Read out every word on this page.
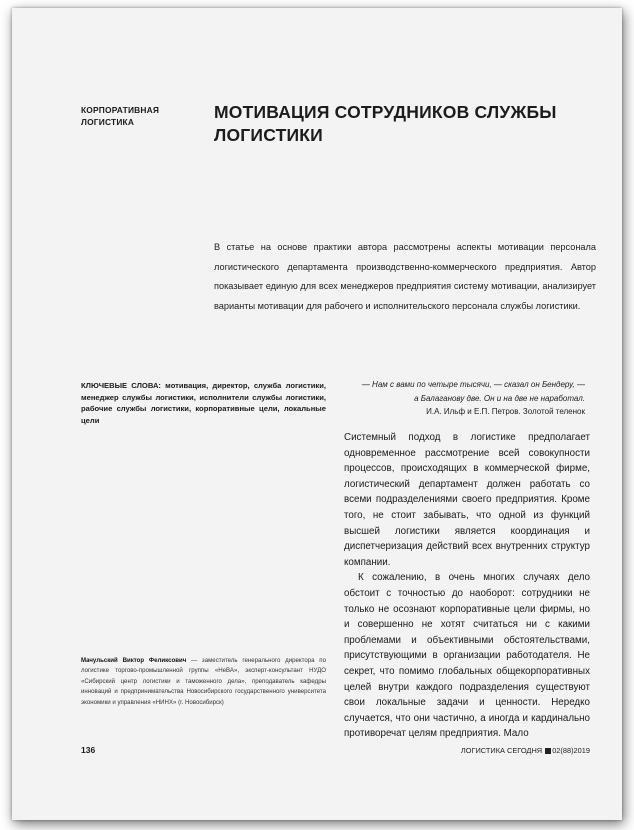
КОРПОРАТИВНАЯ
ЛОГИСТИКА	МОТИВАЦИЯ СОТРУДНИКОВ СЛУЖБЫ
ЛОГИСТИКИ
В статье на основе практики автора рассмотрены аспекты мотивации персонала логистического департамента производственно-коммерческого предприятия. Автор показывает единую для всех менеджеров предприятия систему мотивации, анализирует варианты мотивации для рабочего и исполнительского персонала службы логистики.
КЛЮЧЕВЫЕ СЛОВА: мотивация, директор, служба логистики, менеджер службы логистики, исполнители службы логистики, рабочие службы логистики, корпоративные цели, локальные цели
— Нам с вами по четыре тысячи, — сказал он Бендеру, —
а Балаганову две. Он и на две не наработал.
И.А. Ильф и Е.П. Петров. Золотой теленок

Системный подход в логистике предполагает одновременное рассмотрение всей совокупности процессов, происходящих в коммерческой фирме, логистический департамент должен работать со всеми подразделениями своего предприятия. Кроме того, не стоит забывать, что одной из функций высшей логистики является координация и диспетчеризация действий всех внутренних структур компании.

К сожалению, в очень многих случаях дело обстоит с точностью до наоборот: сотрудники не только не осознают корпоративные цели фирмы, но и совершенно не хотят считаться ни с какими проблемами и объективными обстоятельствами, присутствующими в организации работодателя. Не секрет, что помимо глобальных общекорпоративных целей внутри каждого подразделения существуют свои локальные задачи и ценности. Нередко случается, что они частично, а иногда и кардинально противоречат целям предприятия. Мало

Мачульский Виктор Феликсович — заместитель генерального директора по логистике торгово-промышленной группы «НеВА», эксперт-консультант НУДО «Сибирский центр логистики и таможенного дела», преподаватель кафедры инноваций и предпринимательства Новосибирского государственного университета экономики и управления «НИНХ» (г. Новосибирск)
136	ЛОГИСТИКА СЕГОДНЯ 02(88)2019
